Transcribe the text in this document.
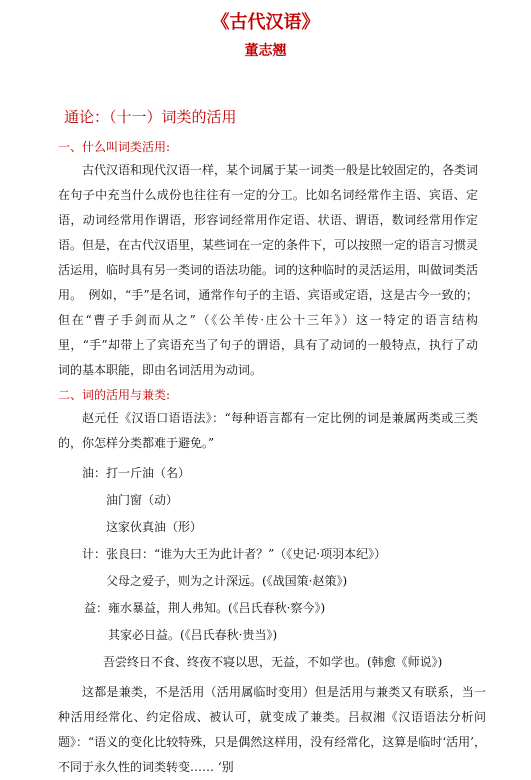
《古代汉语》
董志翘
通论：（十一）词类的活用
一、什么叫词类活用:
古代汉语和现代汉语一样，某个词属于某一词类一般是比较固定的，各类词在句子中充当什么成份也往往有一定的分工。比如名词经常作主语、宾语、定语，动词经常用作谓语，形容词经常用作定语、状语、谓语，数词经常用作定语。但是，在古代汉语里，某些词在一定的条件下，可以按照一定的语言习惯灵活运用，临时具有另一类词的语法功能。词的这种临时的灵活运用，叫做词类活用。　例如，“手”是名词，通常作句子的主语、宾语或定语，这是古今一致的；但在“曹子手剑而从之”（《公羊传·庄公十三年》）这一特定的语言结构里，“手”却带上了宾语充当了句子的谓语，具有了动词的一般特点，执行了动词的基本职能，即由名词活用为动词。
二、词的活用与兼类:
赵元任《汉语口语语法》：“每种语言都有一定比例的词是兼属两类或三类的，你怎样分类都难于避免。”
油：打一斤油（名）
油门窗（动）
这家伙真油（形）
计：张良曰：“谁为大王为此计者？”（《史记·项羽本纪》）
父母之爱子，则为之计深远。(《战国策·赵策》)
益：雍水暴益，荆人弗知。(《吕氏春秋·察今》)
其家必日益。(《吕氏春秋·贵当》)
吾尝终日不食、终夜不寝以思，无益，不如学也。(韩愈《师说》)
这都是兼类，不是活用（活用属临时变用）但是活用与兼类又有联系，当一种活用经常化、约定俗成、被认可，就变成了兼类。吕叔湘《汉语语法分析问题》：“语义的变化比较特殊，只是偶然这样用，没有经常化，这算是临时‘活用’，不同于永久性的词类转变…… ‘别
